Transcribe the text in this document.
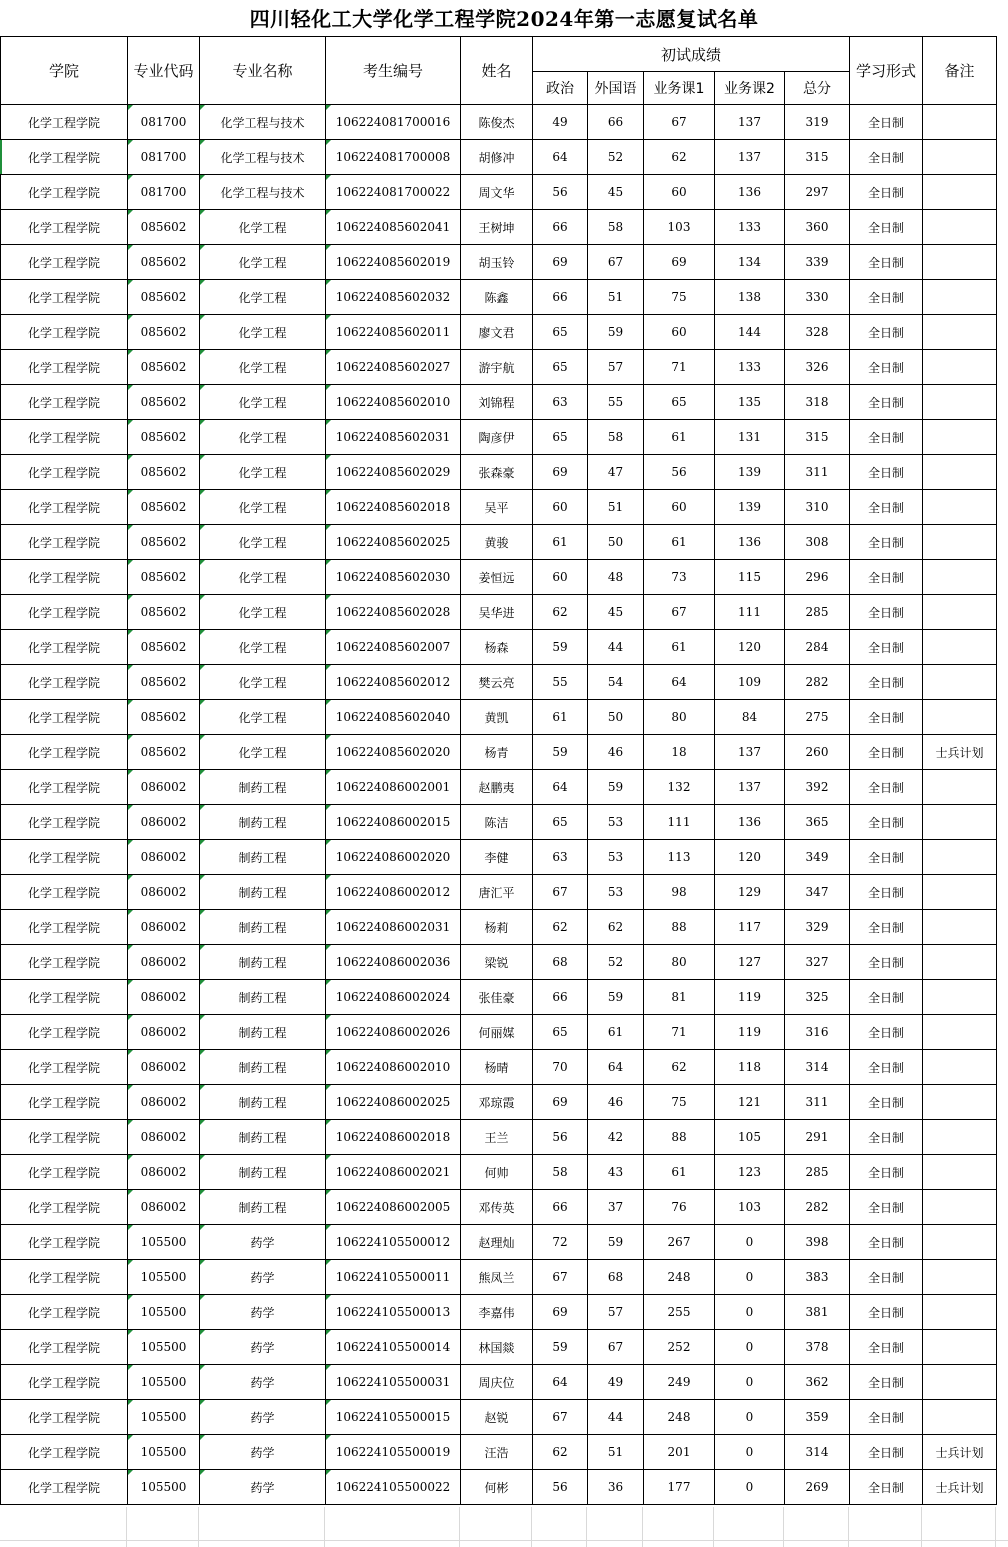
四川轻化工大学化学工程学院2024年第一志愿复试名单
学院	专业代码	专业名称	考生编号	姓名	初试成绩					学习形式	备注
					政治	外国语	业务课1	业务课2	总分		
化学工程学院	081700	化学工程与技术	106224081700016	陈俊杰	49	66	67	137	319	全日制	
化学工程学院	081700	化学工程与技术	106224081700008	胡修冲	64	52	62	137	315	全日制	
化学工程学院	081700	化学工程与技术	106224081700022	周文华	56	45	60	136	297	全日制	
化学工程学院	085602	化学工程	106224085602041	王树坤	66	58	103	133	360	全日制	
化学工程学院	085602	化学工程	106224085602019	胡玉铃	69	67	69	134	339	全日制	
化学工程学院	085602	化学工程	106224085602032	陈鑫	66	51	75	138	330	全日制	
化学工程学院	085602	化学工程	106224085602011	廖文君	65	59	60	144	328	全日制	
化学工程学院	085602	化学工程	106224085602027	游宇航	65	57	71	133	326	全日制	
化学工程学院	085602	化学工程	106224085602010	刘锦程	63	55	65	135	318	全日制	
化学工程学院	085602	化学工程	106224085602031	陶彦伊	65	58	61	131	315	全日制	
化学工程学院	085602	化学工程	106224085602029	张森豪	69	47	56	139	311	全日制	
化学工程学院	085602	化学工程	106224085602018	吴平	60	51	60	139	310	全日制	
化学工程学院	085602	化学工程	106224085602025	黄骏	61	50	61	136	308	全日制	
化学工程学院	085602	化学工程	106224085602030	姜恒远	60	48	73	115	296	全日制	
化学工程学院	085602	化学工程	106224085602028	吴华进	62	45	67	111	285	全日制	
化学工程学院	085602	化学工程	106224085602007	杨森	59	44	61	120	284	全日制	
化学工程学院	085602	化学工程	106224085602012	樊云亮	55	54	64	109	282	全日制	
化学工程学院	085602	化学工程	106224085602040	黄凯	61	50	80	84	275	全日制	
化学工程学院	085602	化学工程	106224085602020	杨青	59	46	18	137	260	全日制	士兵计划
化学工程学院	086002	制药工程	106224086002001	赵鹏夷	64	59	132	137	392	全日制	
化学工程学院	086002	制药工程	106224086002015	陈洁	65	53	111	136	365	全日制	
化学工程学院	086002	制药工程	106224086002020	李健	63	53	113	120	349	全日制	
化学工程学院	086002	制药工程	106224086002012	唐汇平	67	53	98	129	347	全日制	
化学工程学院	086002	制药工程	106224086002031	杨莉	62	62	88	117	329	全日制	
化学工程学院	086002	制药工程	106224086002036	梁锐	68	52	80	127	327	全日制	
化学工程学院	086002	制药工程	106224086002024	张佳豪	66	59	81	119	325	全日制	
化学工程学院	086002	制药工程	106224086002026	何丽媒	65	61	71	119	316	全日制	
化学工程学院	086002	制药工程	106224086002010	杨晴	70	64	62	118	314	全日制	
化学工程学院	086002	制药工程	106224086002025	邓琼霞	69	46	75	121	311	全日制	
化学工程学院	086002	制药工程	106224086002018	王兰	56	42	88	105	291	全日制	
化学工程学院	086002	制药工程	106224086002021	何帅	58	43	61	123	285	全日制	
化学工程学院	086002	制药工程	106224086002005	邓传英	66	37	76	103	282	全日制	
化学工程学院	105500	药学	106224105500012	赵理灿	72	59	267	0	398	全日制	
化学工程学院	105500	药学	106224105500011	熊凤兰	67	68	248	0	383	全日制	
化学工程学院	105500	药学	106224105500013	李嘉伟	69	57	255	0	381	全日制	
化学工程学院	105500	药学	106224105500014	林国燚	59	67	252	0	378	全日制	
化学工程学院	105500	药学	106224105500031	周庆位	64	49	249	0	362	全日制	
化学工程学院	105500	药学	106224105500015	赵锐	67	44	248	0	359	全日制	
化学工程学院	105500	药学	106224105500019	汪浩	62	51	201	0	314	全日制	士兵计划
化学工程学院	105500	药学	106224105500022	何彬	56	36	177	0	269	全日制	士兵计划
